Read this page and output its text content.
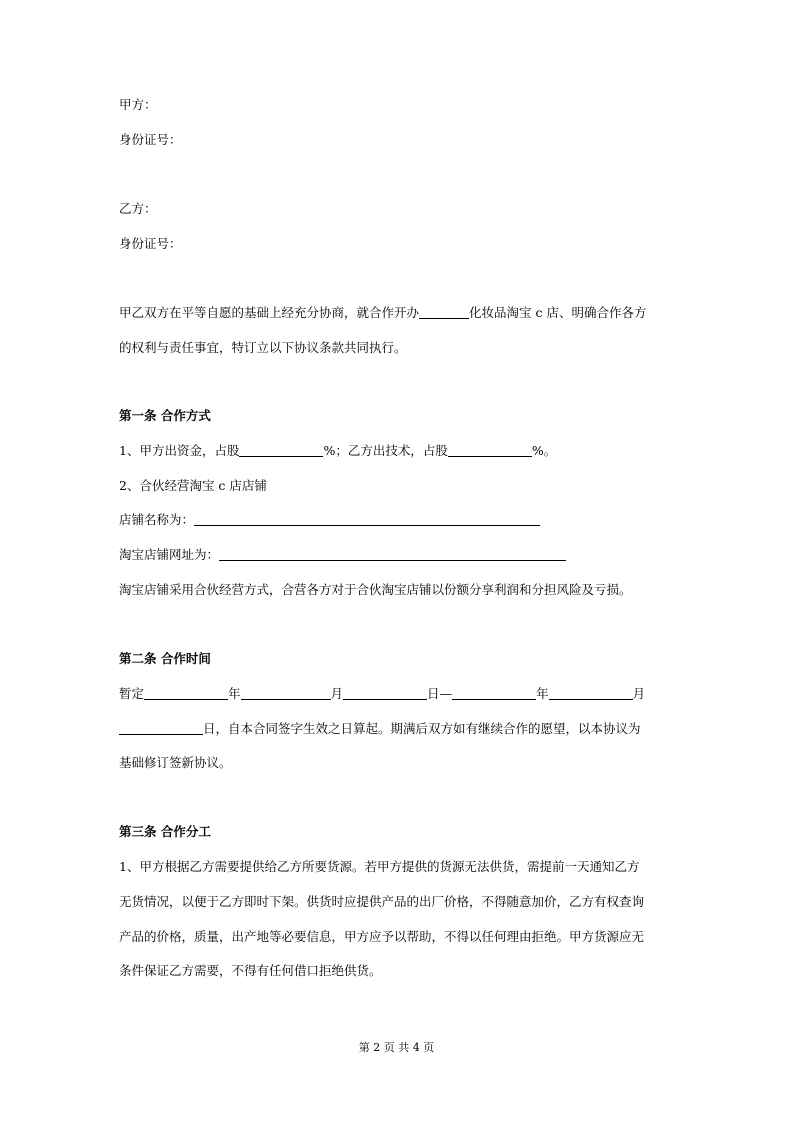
甲方：

身份证号：

乙方：

身份证号：

甲乙双方在平等自愿的基础上经充分协商，就合作开办	化妆品淘宝 c 店、明确合作各方

的权利与责任事宜，特订立以下协议条款共同执行。

第一条 合作方式

1、甲方出资金，占股	%；乙方出技术，占股	%。

2、合伙经营淘宝 c 店店铺

店铺名称为：

淘宝店铺网址为：

淘宝店铺采用合伙经营方式，合营各方对于合伙淘宝店铺以份额分享利润和分担风险及亏损。

第二条 合作时间

暂定	年	月	日—	年	月

日，自本合同签字生效之日算起。期满后双方如有继续合作的愿望，以本协议为

基础修订签新协议。

第三条 合作分工

1、甲方根据乙方需要提供给乙方所要货源。若甲方提供的货源无法供货，需提前一天通知乙方

无货情况，以便于乙方即时下架。供货时应提供产品的出厂价格，不得随意加价，乙方有权查询

产品的价格，质量，出产地等必要信息，甲方应予以帮助，不得以任何理由拒绝。甲方货源应无

条件保证乙方需要，不得有任何借口拒绝供货。

第 2 页 共 4 页
